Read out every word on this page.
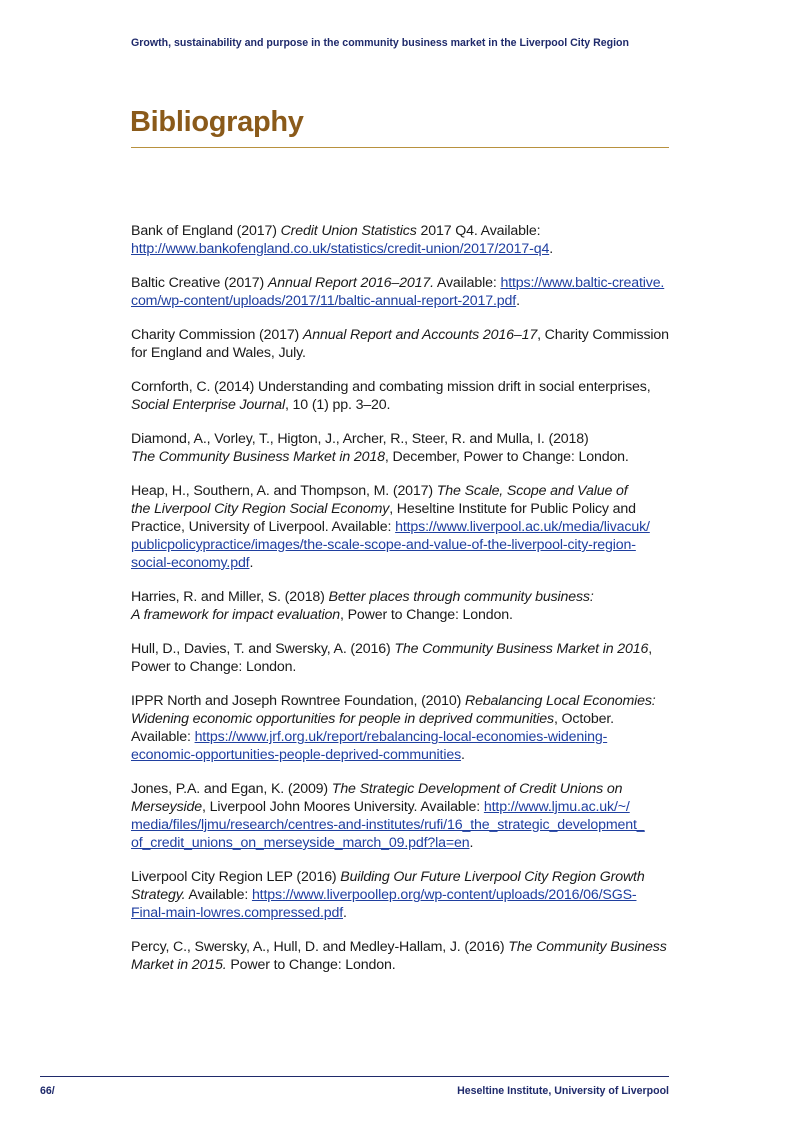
Growth, sustainability and purpose in the community business market in the Liverpool City Region
Bibliography

Bank of England (2017) Credit Union Statistics 2017 Q4. Available:
http://www.bankofengland.co.uk/statistics/credit-union/2017/2017-q4.

Baltic Creative (2017) Annual Report 2016–2017. Available: https://www.baltic-creative.
com/wp-content/uploads/2017/11/baltic-annual-report-2017.pdf.

Charity Commission (2017) Annual Report and Accounts 2016–17, Charity Commission
for England and Wales, July.

Cornforth, C. (2014) Understanding and combating mission drift in social enterprises,
Social Enterprise Journal, 10 (1) pp. 3–20.

Diamond, A., Vorley, T., Higton, J., Archer, R., Steer, R. and Mulla, I. (2018)
The Community Business Market in 2018, December, Power to Change: London.

Heap, H., Southern, A. and Thompson, M. (2017) The Scale, Scope and Value of
the Liverpool City Region Social Economy, Heseltine Institute for Public Policy and
Practice, University of Liverpool. Available: https://www.liverpool.ac.uk/media/livacuk/
publicpolicypractice/images/the-scale-scope-and-value-of-the-liverpool-city-region-
social-economy.pdf.

Harries, R. and Miller, S. (2018) Better places through community business:
A framework for impact evaluation, Power to Change: London.

Hull, D., Davies, T. and Swersky, A. (2016) The Community Business Market in 2016,
Power to Change: London.

IPPR North and Joseph Rowntree Foundation, (2010) Rebalancing Local Economies:
Widening economic opportunities for people in deprived communities, October.
Available: https://www.jrf.org.uk/report/rebalancing-local-economies-widening-
economic-opportunities-people-deprived-communities.

Jones, P.A. and Egan, K. (2009) The Strategic Development of Credit Unions on
Merseyside, Liverpool John Moores University. Available: http://www.ljmu.ac.uk/~/
media/files/ljmu/research/centres-and-institutes/rufi/16_the_strategic_development_
of_credit_unions_on_merseyside_march_09.pdf?la=en.

Liverpool City Region LEP (2016) Building Our Future Liverpool City Region Growth
Strategy. Available: https://www.liverpoollep.org/wp-content/uploads/2016/06/SGS-
Final-main-lowres.compressed.pdf.

Percy, C., Swersky, A., Hull, D. and Medley-Hallam, J. (2016) The Community Business
Market in 2015. Power to Change: London.

66/	Heseltine Institute, University of Liverpool
